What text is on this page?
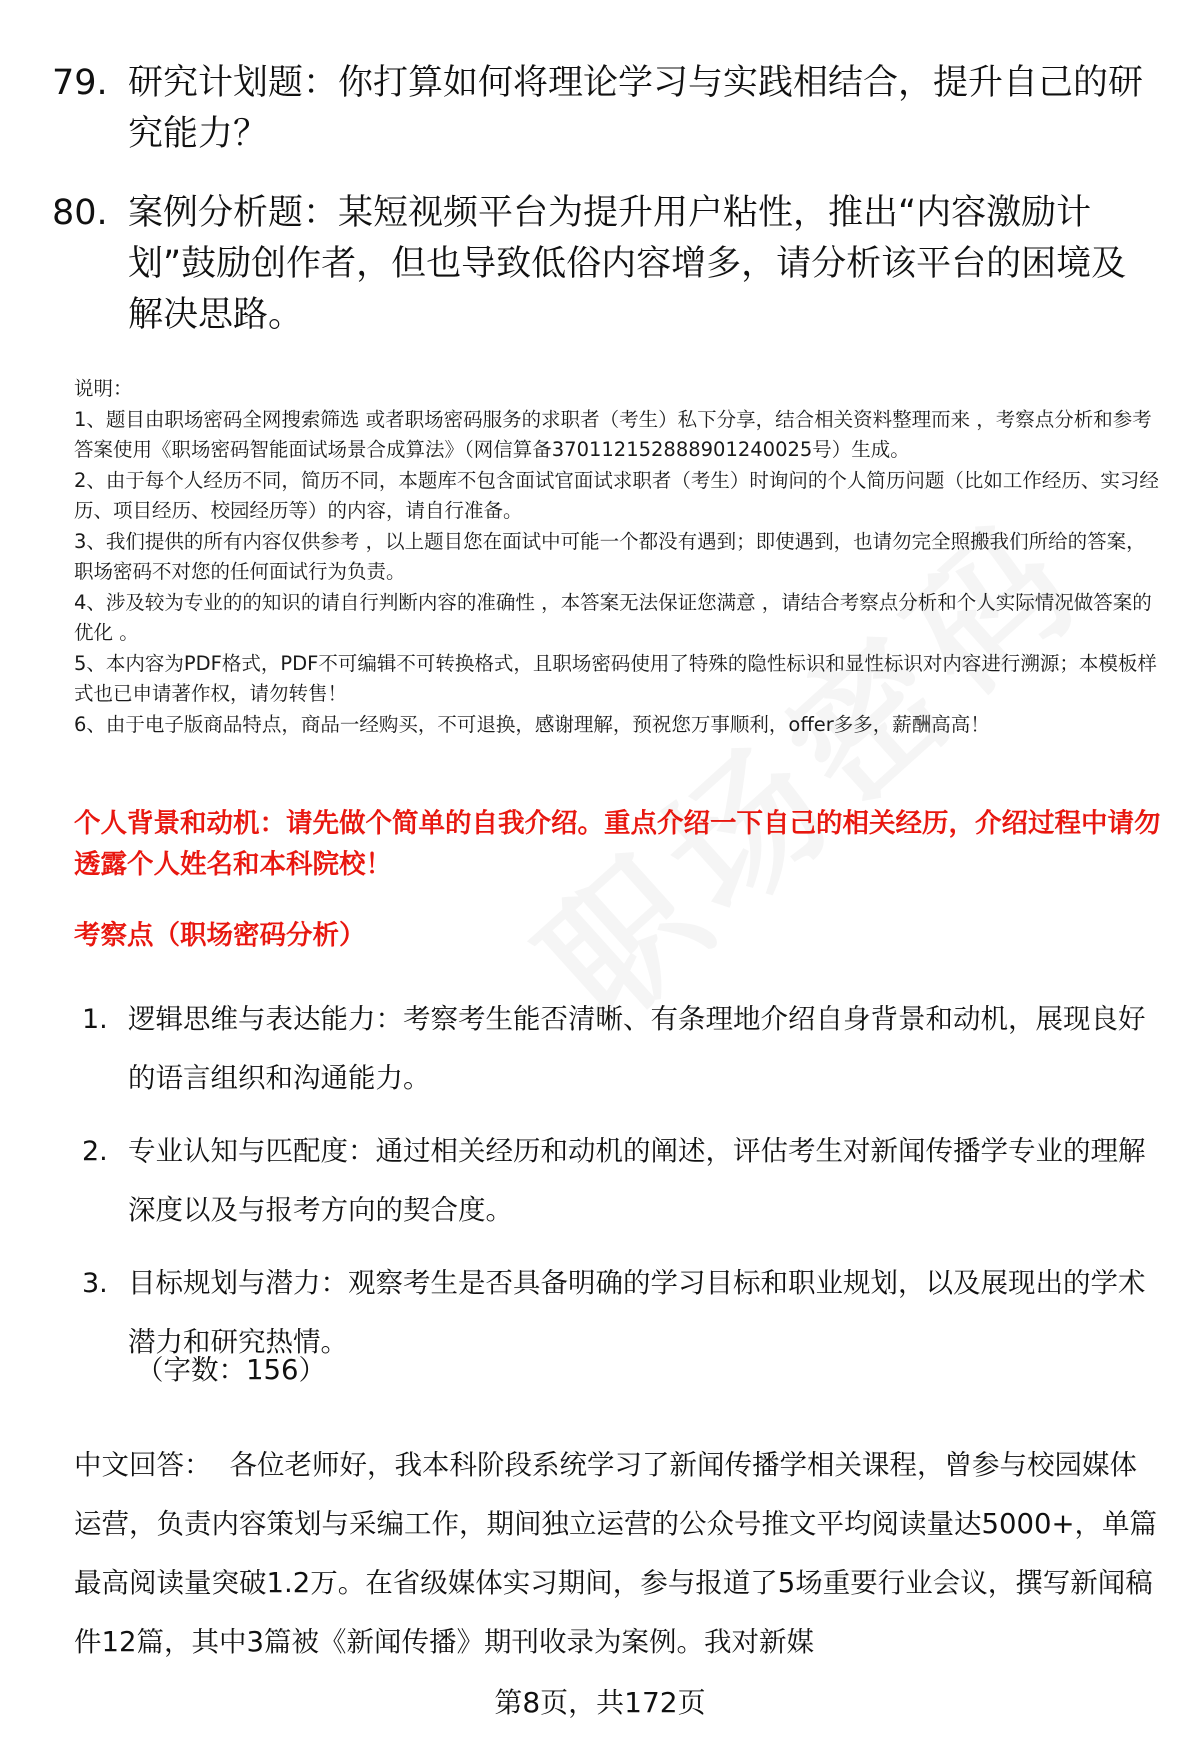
79. 研究计划题：你打算如何将理论学习与实践相结合，提升自己的研究能力？
80. 案例分析题：某短视频平台为提升用户粘性，推出“内容激励计划”鼓励创作者，但也导致低俗内容增多，请分析该平台的困境及解决思路。

说明：

1、题目由职场密码全网搜索筛选 或者职场密码服务的求职者（考生）私下分享，结合相关资料整理而来 ，考察点分析和参考答案使用《职场密码智能面试场景合成算法》（网信算备370112152888901240025号）生成。

2、由于每个人经历不同，简历不同，本题库不包含面试官面试求职者（考生）时询问的个人简历问题（比如工作经历、实习经历、项目经历、校园经历等）的内容，请自行准备。

3、我们提供的所有内容仅供参考 ，以上题目您在面试中可能一个都没有遇到；即使遇到，也请勿完全照搬我们所给的答案，职场密码不对您的任何面试行为负责。

4、涉及较为专业的的知识的请自行判断内容的准确性 ，本答案无法保证您满意 ，请结合考察点分析和个人实际情况做答案的优化 。

5、本内容为PDF格式，PDF不可编辑不可转换格式，且职场密码使用了特殊的隐性标识和显性标识对内容进行溯源；本模板样式也已申请著作权，请勿转售！

6、由于电子版商品特点，商品一经购买，不可退换，感谢理解，预祝您万事顺利，offer多多，薪酬高高！

个人背景和动机：请先做个简单的自我介绍。重点介绍一下自己的相关经历，介绍过程中请勿透露个人姓名和本科院校！
考察点（职场密码分析）
1. 逻辑思维与表达能力：考察考生能否清晰、有条理地介绍自身背景和动机，展现良好的语言组织和沟通能力。
2. 专业认知与匹配度：通过相关经历和动机的阐述，评估考生对新闻传播学专业的理解深度以及与报考方向的契合度。
3. 目标规划与潜力：观察考生是否具备明确的学习目标和职业规划，以及展现出的学术潜力和研究热情。
（字数：156）
中文回答： 各位老师好，我本科阶段系统学习了新闻传播学相关课程，曾参与校园媒体运营，负责内容策划与采编工作，期间独立运营的公众号推文平均阅读量达5000+，单篇最高阅读量突破1.2万。在省级媒体实习期间，参与报道了5场重要行业会议，撰写新闻稿件12篇，其中3篇被《新闻传播》期刊收录为案例。我对新媒
第8页，共172页
